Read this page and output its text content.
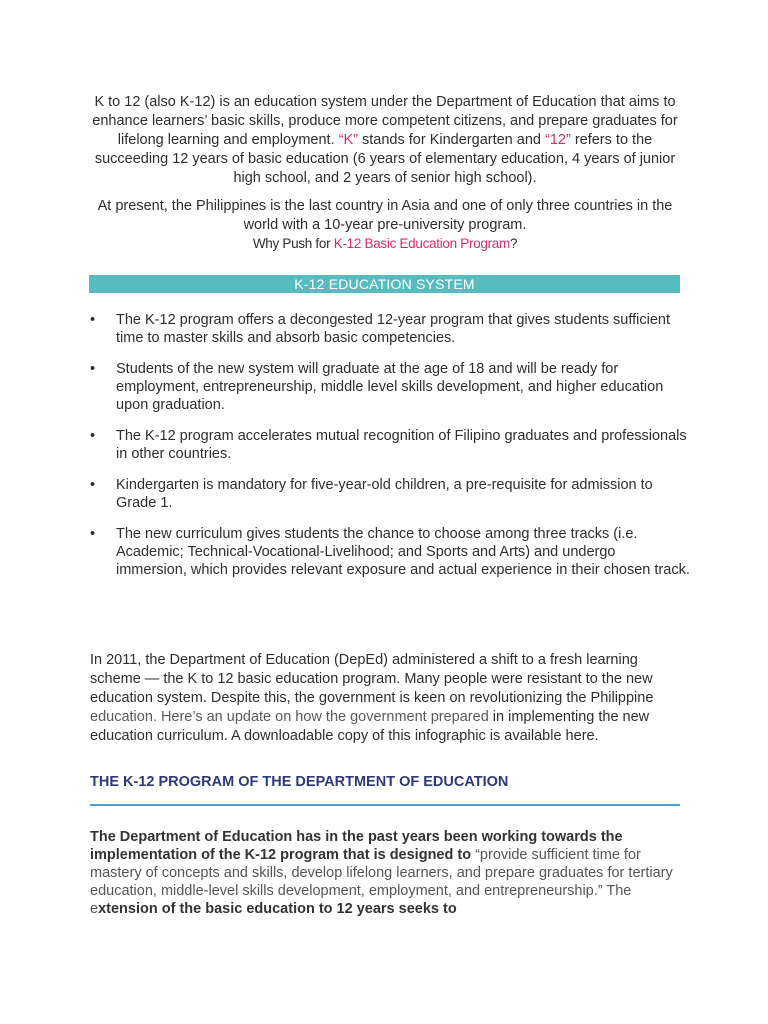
K to 12 (also K-12) is an education system under the Department of Education that aims to enhance learners’ basic skills, produce more competent citizens, and prepare graduates for lifelong learning and employment. “K” stands for Kindergarten and “12” refers to the succeeding 12 years of basic education (6 years of elementary education, 4 years of junior high school, and 2 years of senior high school).

At present, the Philippines is the last country in Asia and one of only three countries in the world with a 10-year pre-university program.

Why Push for K-12 Basic Education Program?
K-12 EDUCATION SYSTEM
• The K-12 program offers a decongested 12-year program that gives students sufficient time to master skills and absorb basic competencies.
• Students of the new system will graduate at the age of 18 and will be ready for employment, entrepreneurship, middle level skills development, and higher education upon graduation.
• The K-12 program accelerates mutual recognition of Filipino graduates and professionals in other countries.
• Kindergarten is mandatory for five-year-old children, a pre-requisite for admission to Grade 1.
• The new curriculum gives students the chance to choose among three tracks (i.e. Academic; Technical-Vocational-Livelihood; and Sports and Arts) and undergo immersion, which provides relevant exposure and actual experience in their chosen track.

In 2011, the Department of Education (DepEd) administered a shift to a fresh learning scheme — the K to 12 basic education program. Many people were resistant to the new education system. Despite this, the government is keen on revolutionizing the Philippine education. Here’s an update on how the government prepared in implementing the new education curriculum. A downloadable copy of this infographic is available here.

THE K-12 PROGRAM OF THE DEPARTMENT OF EDUCATION

The Department of Education has in the past years been working towards the implementation of the K-12 program that is designed to “provide sufficient time for mastery of concepts and skills, develop lifelong learners, and prepare graduates for tertiary education, middle-level skills development, employment, and entrepreneurship.” The extension of the basic education to 12 years seeks to
